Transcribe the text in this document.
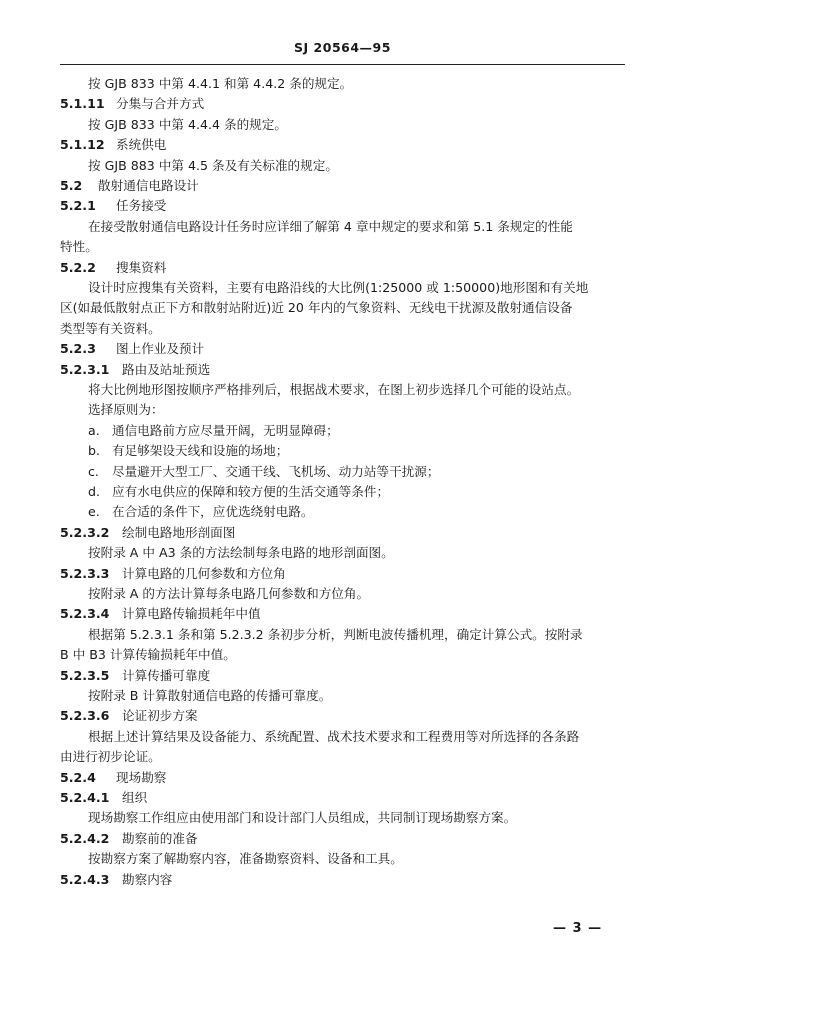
SJ 20564—95
按 GJB 833 中第 4.4.1 和第 4.4.2 条的规定。
5.1.11 分集与合并方式
按 GJB 833 中第 4.4.4 条的规定。
5.1.12 系统供电
按 GJB 883 中第 4.5 条及有关标准的规定。
5.2 散射通信电路设计
5.2.1 任务接受
在接受散射通信电路设计任务时应详细了解第 4 章中规定的要求和第 5.1 条规定的性能
特性。
5.2.2 搜集资料
设计时应搜集有关资料，主要有电路沿线的大比例(1:25000 或 1:50000)地形图和有关地
区(如最低散射点正下方和散射站附近)近 20 年内的气象资料、无线电干扰源及散射通信设备
类型等有关资料。
5.2.3 图上作业及预计
5.2.3.1 路由及站址预选
将大比例地形图按顺序严格排列后，根据战术要求，在图上初步选择几个可能的设站点。
选择原则为：
a. 通信电路前方应尽量开阔，无明显障碍；
b. 有足够架设天线和设施的场地；
c. 尽量避开大型工厂、交通干线、飞机场、动力站等干扰源；
d. 应有水电供应的保障和较方便的生活交通等条件；
e. 在合适的条件下，应优选绕射电路。
5.2.3.2 绘制电路地形剖面图
按附录 A 中 A3 条的方法绘制每条电路的地形剖面图。
5.2.3.3 计算电路的几何参数和方位角
按附录 A 的方法计算每条电路几何参数和方位角。
5.2.3.4 计算电路传输损耗年中值
根据第 5.2.3.1 条和第 5.2.3.2 条初步分析，判断电波传播机理，确定计算公式。按附录
B 中 B3 计算传输损耗年中值。
5.2.3.5 计算传播可靠度
按附录 B 计算散射通信电路的传播可靠度。
5.2.3.6 论证初步方案
根据上述计算结果及设备能力、系统配置、战术技术要求和工程费用等对所选择的各条路
由进行初步论证。
5.2.4 现场勘察
5.2.4.1 组织
现场勘察工作组应由使用部门和设计部门人员组成，共同制订现场勘察方案。
5.2.4.2 勘察前的准备
按勘察方案了解勘察内容，准备勘察资料、设备和工具。
5.2.4.3 勘察内容
— 3 —
